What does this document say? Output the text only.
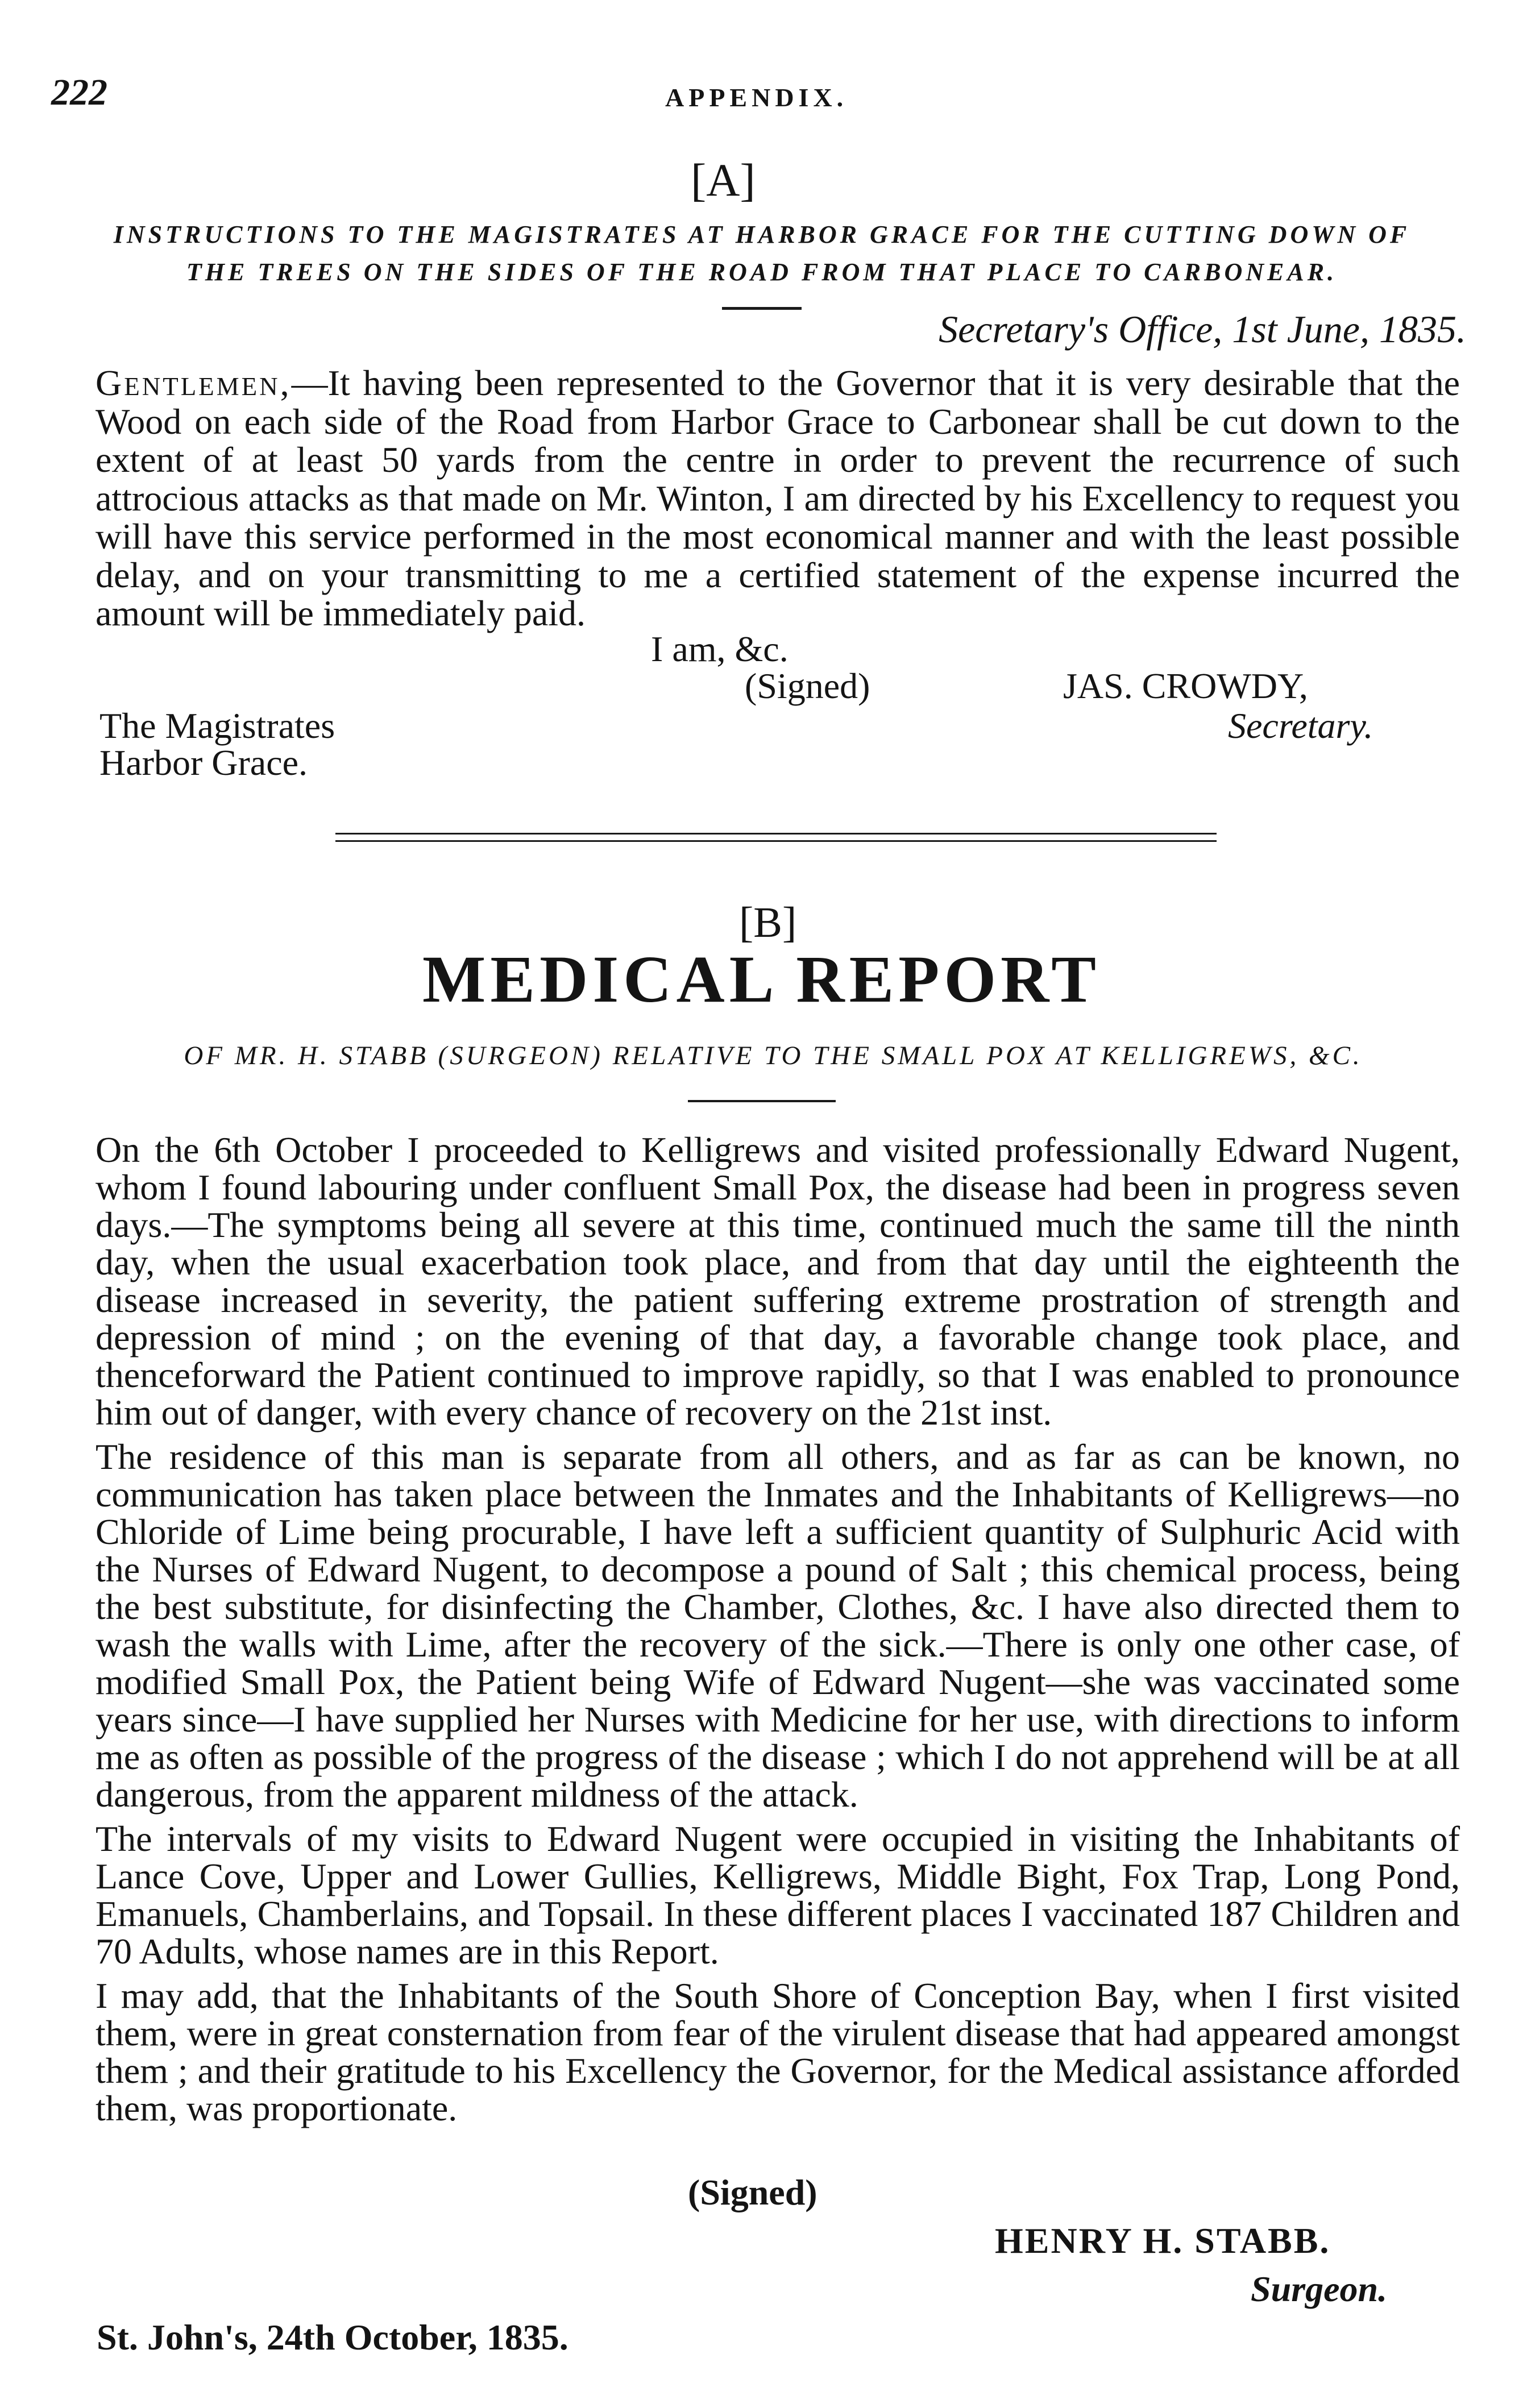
222	APPENDIX.
[A]
INSTRUCTIONS TO THE MAGISTRATES AT HARBOR GRACE FOR THE CUTTING DOWN OF
THE TREES ON THE SIDES OF THE ROAD FROM THAT PLACE TO CARBONEAR.
Secretary's Office, 1st June, 1835.
Gentlemen,—It having been represented to the Governor that it is very desirable that the Wood on each side of the Road from Harbor Grace to Carbonear shall be cut down to the extent of at least 50 yards from the centre in order to prevent the recurrence of such attrocious attacks as that made on Mr. Winton, I am directed by his Excellency to request you will have this service performed in the most economical manner and with the least possible delay, and on your transmitting to me a certified statement of the expense incurred the amount will be immediately paid.
I am, &c.
(Signed)	JAS. CROWDY,
Secretary.
The Magistrates
Harbor Grace.
[B]
MEDICAL REPORT
OF MR. H. STABB (SURGEON) RELATIVE TO THE SMALL POX AT KELLIGREWS, &C.

On the 6th October I proceeded to Kelligrews and visited professionally Edward Nugent, whom I found labouring under confluent Small Pox, the disease had been in progress seven days.—The symptoms being all severe at this time, continued much the same till the ninth day, when the usual exacerbation took place, and from that day until the eighteenth the disease increased in severity, the patient suffering extreme prostration of strength and depression of mind ; on the evening of that day, a favorable change took place, and thenceforward the Patient continued to improve rapidly, so that I was enabled to pronounce him out of danger, with every chance of recovery on the 21st inst.

The residence of this man is separate from all others, and as far as can be known, no communication has taken place between the Inmates and the Inhabitants of Kelligrews—no Chloride of Lime being procurable, I have left a sufficient quantity of Sulphuric Acid with the Nurses of Edward Nugent, to decompose a pound of Salt ; this chemical process, being the best substitute, for disinfecting the Chamber, Clothes, &c. I have also directed them to wash the walls with Lime, after the recovery of the sick.—There is only one other case, of modified Small Pox, the Patient being Wife of Edward Nugent—she was vaccinated some years since—I have supplied her Nurses with Medicine for her use, with directions to inform me as often as possible of the progress of the disease ; which I do not apprehend will be at all dangerous, from the apparent mildness of the attack.

The intervals of my visits to Edward Nugent were occupied in visiting the Inhabitants of Lance Cove, Upper and Lower Gullies, Kelligrews, Middle Bight, Fox Trap, Long Pond, Emanuels, Chamberlains, and Topsail. In these different places I vaccinated 187 Children and 70 Adults, whose names are in this Report.

I may add, that the Inhabitants of the South Shore of Conception Bay, when I first visited them, were in great consternation from fear of the virulent disease that had appeared amongst them ; and their gratitude to his Excellency the Governor, for the Medical assistance afforded them, was proportionate.

(Signed)
HENRY H. STABB.
Surgeon.
St. John's, 24th October, 1835.
